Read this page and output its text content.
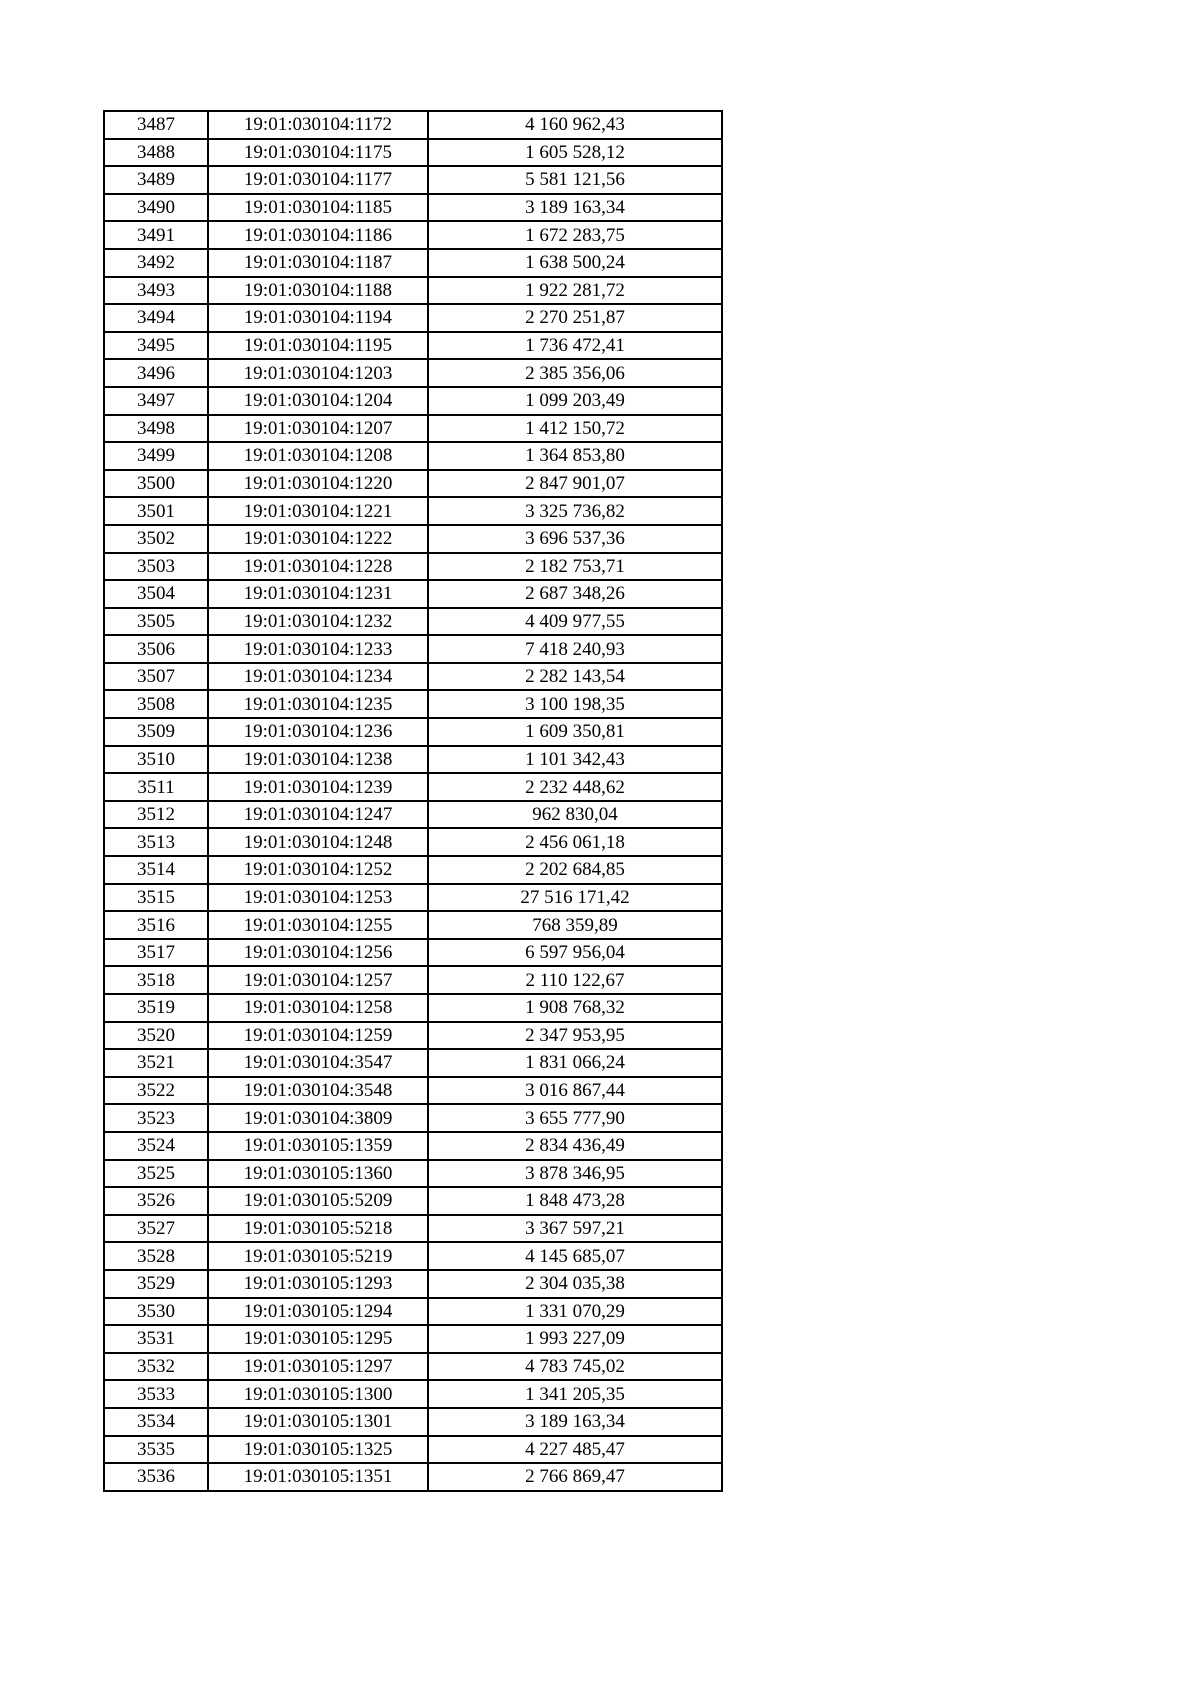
3487	19:01:030104:1172	4 160 962,43
3488	19:01:030104:1175	1 605 528,12
3489	19:01:030104:1177	5 581 121,56
3490	19:01:030104:1185	3 189 163,34
3491	19:01:030104:1186	1 672 283,75
3492	19:01:030104:1187	1 638 500,24
3493	19:01:030104:1188	1 922 281,72
3494	19:01:030104:1194	2 270 251,87
3495	19:01:030104:1195	1 736 472,41
3496	19:01:030104:1203	2 385 356,06
3497	19:01:030104:1204	1 099 203,49
3498	19:01:030104:1207	1 412 150,72
3499	19:01:030104:1208	1 364 853,80
3500	19:01:030104:1220	2 847 901,07
3501	19:01:030104:1221	3 325 736,82
3502	19:01:030104:1222	3 696 537,36
3503	19:01:030104:1228	2 182 753,71
3504	19:01:030104:1231	2 687 348,26
3505	19:01:030104:1232	4 409 977,55
3506	19:01:030104:1233	7 418 240,93
3507	19:01:030104:1234	2 282 143,54
3508	19:01:030104:1235	3 100 198,35
3509	19:01:030104:1236	1 609 350,81
3510	19:01:030104:1238	1 101 342,43
3511	19:01:030104:1239	2 232 448,62
3512	19:01:030104:1247	962 830,04
3513	19:01:030104:1248	2 456 061,18
3514	19:01:030104:1252	2 202 684,85
3515	19:01:030104:1253	27 516 171,42
3516	19:01:030104:1255	768 359,89
3517	19:01:030104:1256	6 597 956,04
3518	19:01:030104:1257	2 110 122,67
3519	19:01:030104:1258	1 908 768,32
3520	19:01:030104:1259	2 347 953,95
3521	19:01:030104:3547	1 831 066,24
3522	19:01:030104:3548	3 016 867,44
3523	19:01:030104:3809	3 655 777,90
3524	19:01:030105:1359	2 834 436,49
3525	19:01:030105:1360	3 878 346,95
3526	19:01:030105:5209	1 848 473,28
3527	19:01:030105:5218	3 367 597,21
3528	19:01:030105:5219	4 145 685,07
3529	19:01:030105:1293	2 304 035,38
3530	19:01:030105:1294	1 331 070,29
3531	19:01:030105:1295	1 993 227,09
3532	19:01:030105:1297	4 783 745,02
3533	19:01:030105:1300	1 341 205,35
3534	19:01:030105:1301	3 189 163,34
3535	19:01:030105:1325	4 227 485,47
3536	19:01:030105:1351	2 766 869,47
